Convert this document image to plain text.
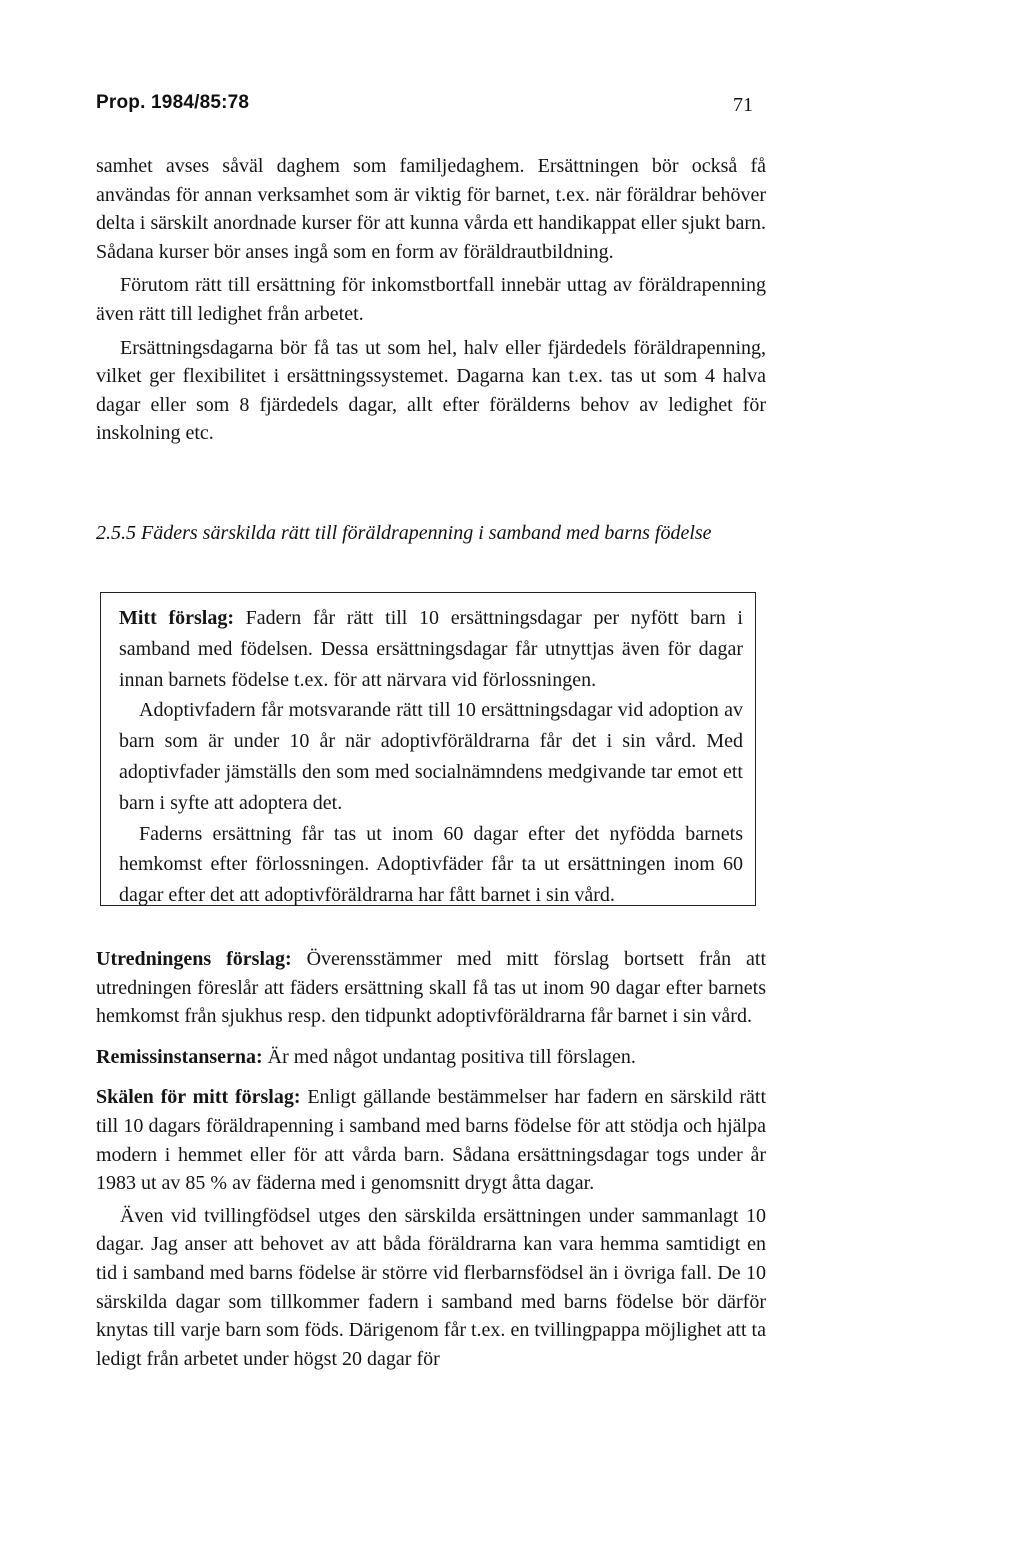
Prop. 1984/85:78	71

samhet avses såväl daghem som familjedaghem. Ersättningen bör också få användas för annan verksamhet som är viktig för barnet, t.ex. när föräldrar behöver delta i särskilt anordnade kurser för att kunna vårda ett handikappat eller sjukt barn. Sådana kurser bör anses ingå som en form av föräldrautbildning.

Förutom rätt till ersättning för inkomstbortfall innebär uttag av föräldrapenning även rätt till ledighet från arbetet.

Ersättningsdagarna bör få tas ut som hel, halv eller fjärdedels föräldrapenning, vilket ger flexibilitet i ersättningssystemet. Dagarna kan t.ex. tas ut som 4 halva dagar eller som 8 fjärdedels dagar, allt efter förälderns behov av ledighet för inskolning etc.

2.5.5 Fäders särskilda rätt till föräldrapenning i samband med barns födelse

Mitt förslag: Fadern får rätt till 10 ersättningsdagar per nyfött barn i samband med födelsen. Dessa ersättningsdagar får utnyttjas även för dagar innan barnets födelse t.ex. för att närvara vid förlossningen.

Adoptivfadern får motsvarande rätt till 10 ersättningsdagar vid adoption av barn som är under 10 år när adoptivföräldrarna får det i sin vård. Med adoptivfader jämställs den som med socialnämndens medgivande tar emot ett barn i syfte att adoptera det.

Faderns ersättning får tas ut inom 60 dagar efter det nyfödda barnets hemkomst efter förlossningen. Adoptivfäder får ta ut ersättningen inom 60 dagar efter det att adoptivföräldrarna har fått barnet i sin vård.

Utredningens förslag: Överensstämmer med mitt förslag bortsett från att utredningen föreslår att fäders ersättning skall få tas ut inom 90 dagar efter barnets hemkomst från sjukhus resp. den tidpunkt adoptivföräldrarna får barnet i sin vård.

Remissinstanserna: Är med något undantag positiva till förslagen.

Skälen för mitt förslag: Enligt gällande bestämmelser har fadern en särskild rätt till 10 dagars föräldrapenning i samband med barns födelse för att stödja och hjälpa modern i hemmet eller för att vårda barn. Sådana ersättningsdagar togs under år 1983 ut av 85 % av fäderna med i genomsnitt drygt åtta dagar.

Även vid tvillingfödsel utges den särskilda ersättningen under sammanlagt 10 dagar. Jag anser att behovet av att båda föräldrarna kan vara hemma samtidigt en tid i samband med barns födelse är större vid flerbarnsfödsel än i övriga fall. De 10 särskilda dagar som tillkommer fadern i samband med barns födelse bör därför knytas till varje barn som föds. Därigenom får t.ex. en tvillingpappa möjlighet att ta ledigt från arbetet under högst 20 dagar för
